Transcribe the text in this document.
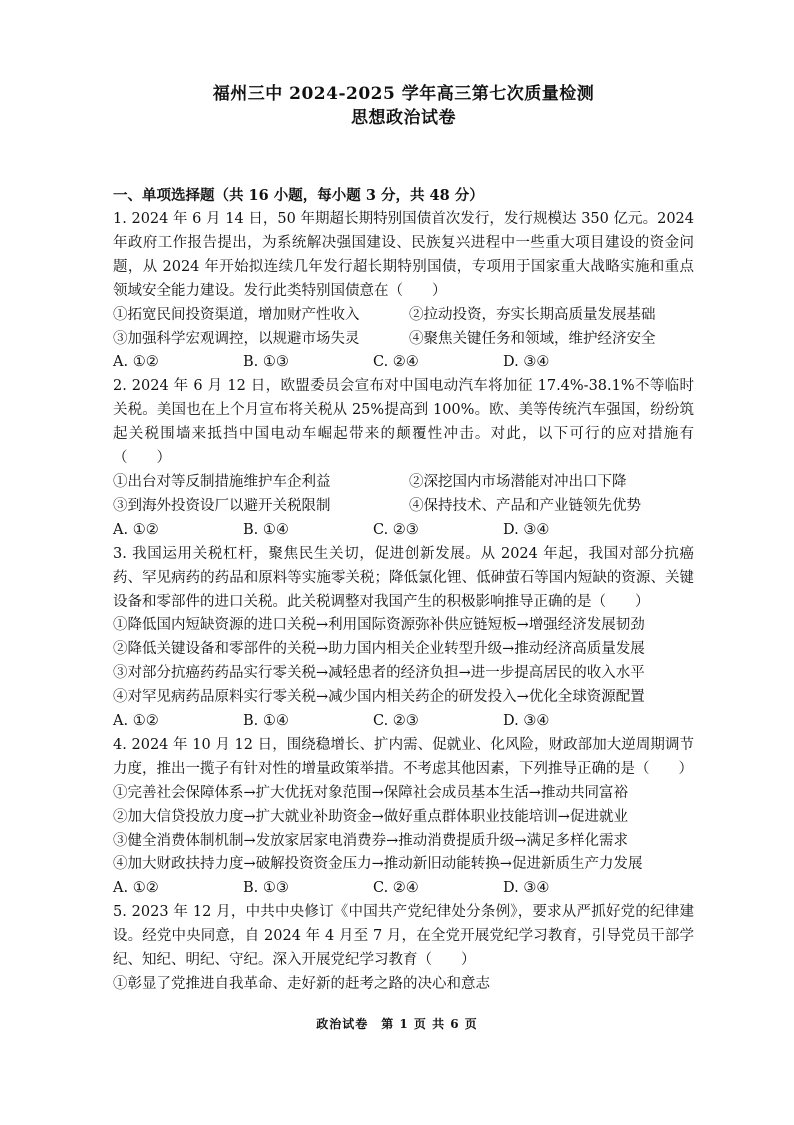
福州三中 2024-2025 学年高三第七次质量检测
思想政治试卷
一、单项选择题（共 16 小题，每小题 3 分，共 48 分）
1. 2024 年 6 月 14 日，50 年期超长期特别国债首次发行，发行规模达 350 亿元。2024 年政府工作报告提出，为系统解决强国建设、民族复兴进程中一些重大项目建设的资金问题，从 2024 年开始拟连续几年发行超长期特别国债，专项用于国家重大战略实施和重点领域安全能力建设。发行此类特别国债意在（　　）
①拓宽民间投资渠道，增加财产性收入	②拉动投资，夯实长期高质量发展基础
③加强科学宏观调控，以规避市场失灵	④聚焦关键任务和领域，维护经济安全
A. ①②	B. ①③	C. ②④	D. ③④
2. 2024 年 6 月 12 日，欧盟委员会宣布对中国电动汽车将加征 17.4%-38.1%不等临时关税。美国也在上个月宣布将关税从 25%提高到 100%。欧、美等传统汽车强国，纷纷筑起关税围墙来抵挡中国电动车崛起带来的颠覆性冲击。对此，以下可行的应对措施有（　　）
①出台对等反制措施维护车企利益	②深挖国内市场潜能对冲出口下降
③到海外投资设厂以避开关税限制	④保持技术、产品和产业链领先优势
A. ①②	B. ①④	C. ②③	D. ③④
3. 我国运用关税杠杆，聚焦民生关切，促进创新发展。从 2024 年起，我国对部分抗癌药、罕见病药的药品和原料等实施零关税；降低氯化锂、低砷萤石等国内短缺的资源、关键设备和零部件的进口关税。此关税调整对我国产生的积极影响推导正确的是（　　）
①降低国内短缺资源的进口关税→利用国际资源弥补供应链短板→增强经济发展韧劲
②降低关键设备和零部件的关税→助力国内相关企业转型升级→推动经济高质量发展
③对部分抗癌药药品实行零关税→减轻患者的经济负担→进一步提高居民的收入水平
④对罕见病药品原料实行零关税→减少国内相关药企的研发投入→优化全球资源配置
A. ①②	B. ①④	C. ②③	D. ③④
4. 2024 年 10 月 12 日，围绕稳增长、扩内需、促就业、化风险，财政部加大逆周期调节力度，推出一揽子有针对性的增量政策举措。不考虑其他因素，下列推导正确的是（　　）
①完善社会保障体系→扩大优抚对象范围→保障社会成员基本生活→推动共同富裕
②加大信贷投放力度→扩大就业补助资金→做好重点群体职业技能培训→促进就业
③健全消费体制机制→发放家居家电消费券→推动消费提质升级→满足多样化需求
④加大财政扶持力度→破解投资资金压力→推动新旧动能转换→促进新质生产力发展
A. ①②	B. ①③	C. ②④	D. ③④
5. 2023 年 12 月，中共中央修订《中国共产党纪律处分条例》，要求从严抓好党的纪律建设。经党中央同意，自 2024 年 4 月至 7 月，在全党开展党纪学习教育，引导党员干部学纪、知纪、明纪、守纪。深入开展党纪学习教育（　　）
①彰显了党推进自我革命、走好新的赶考之路的决心和意志
政治试卷　第 1 页 共 6 页
